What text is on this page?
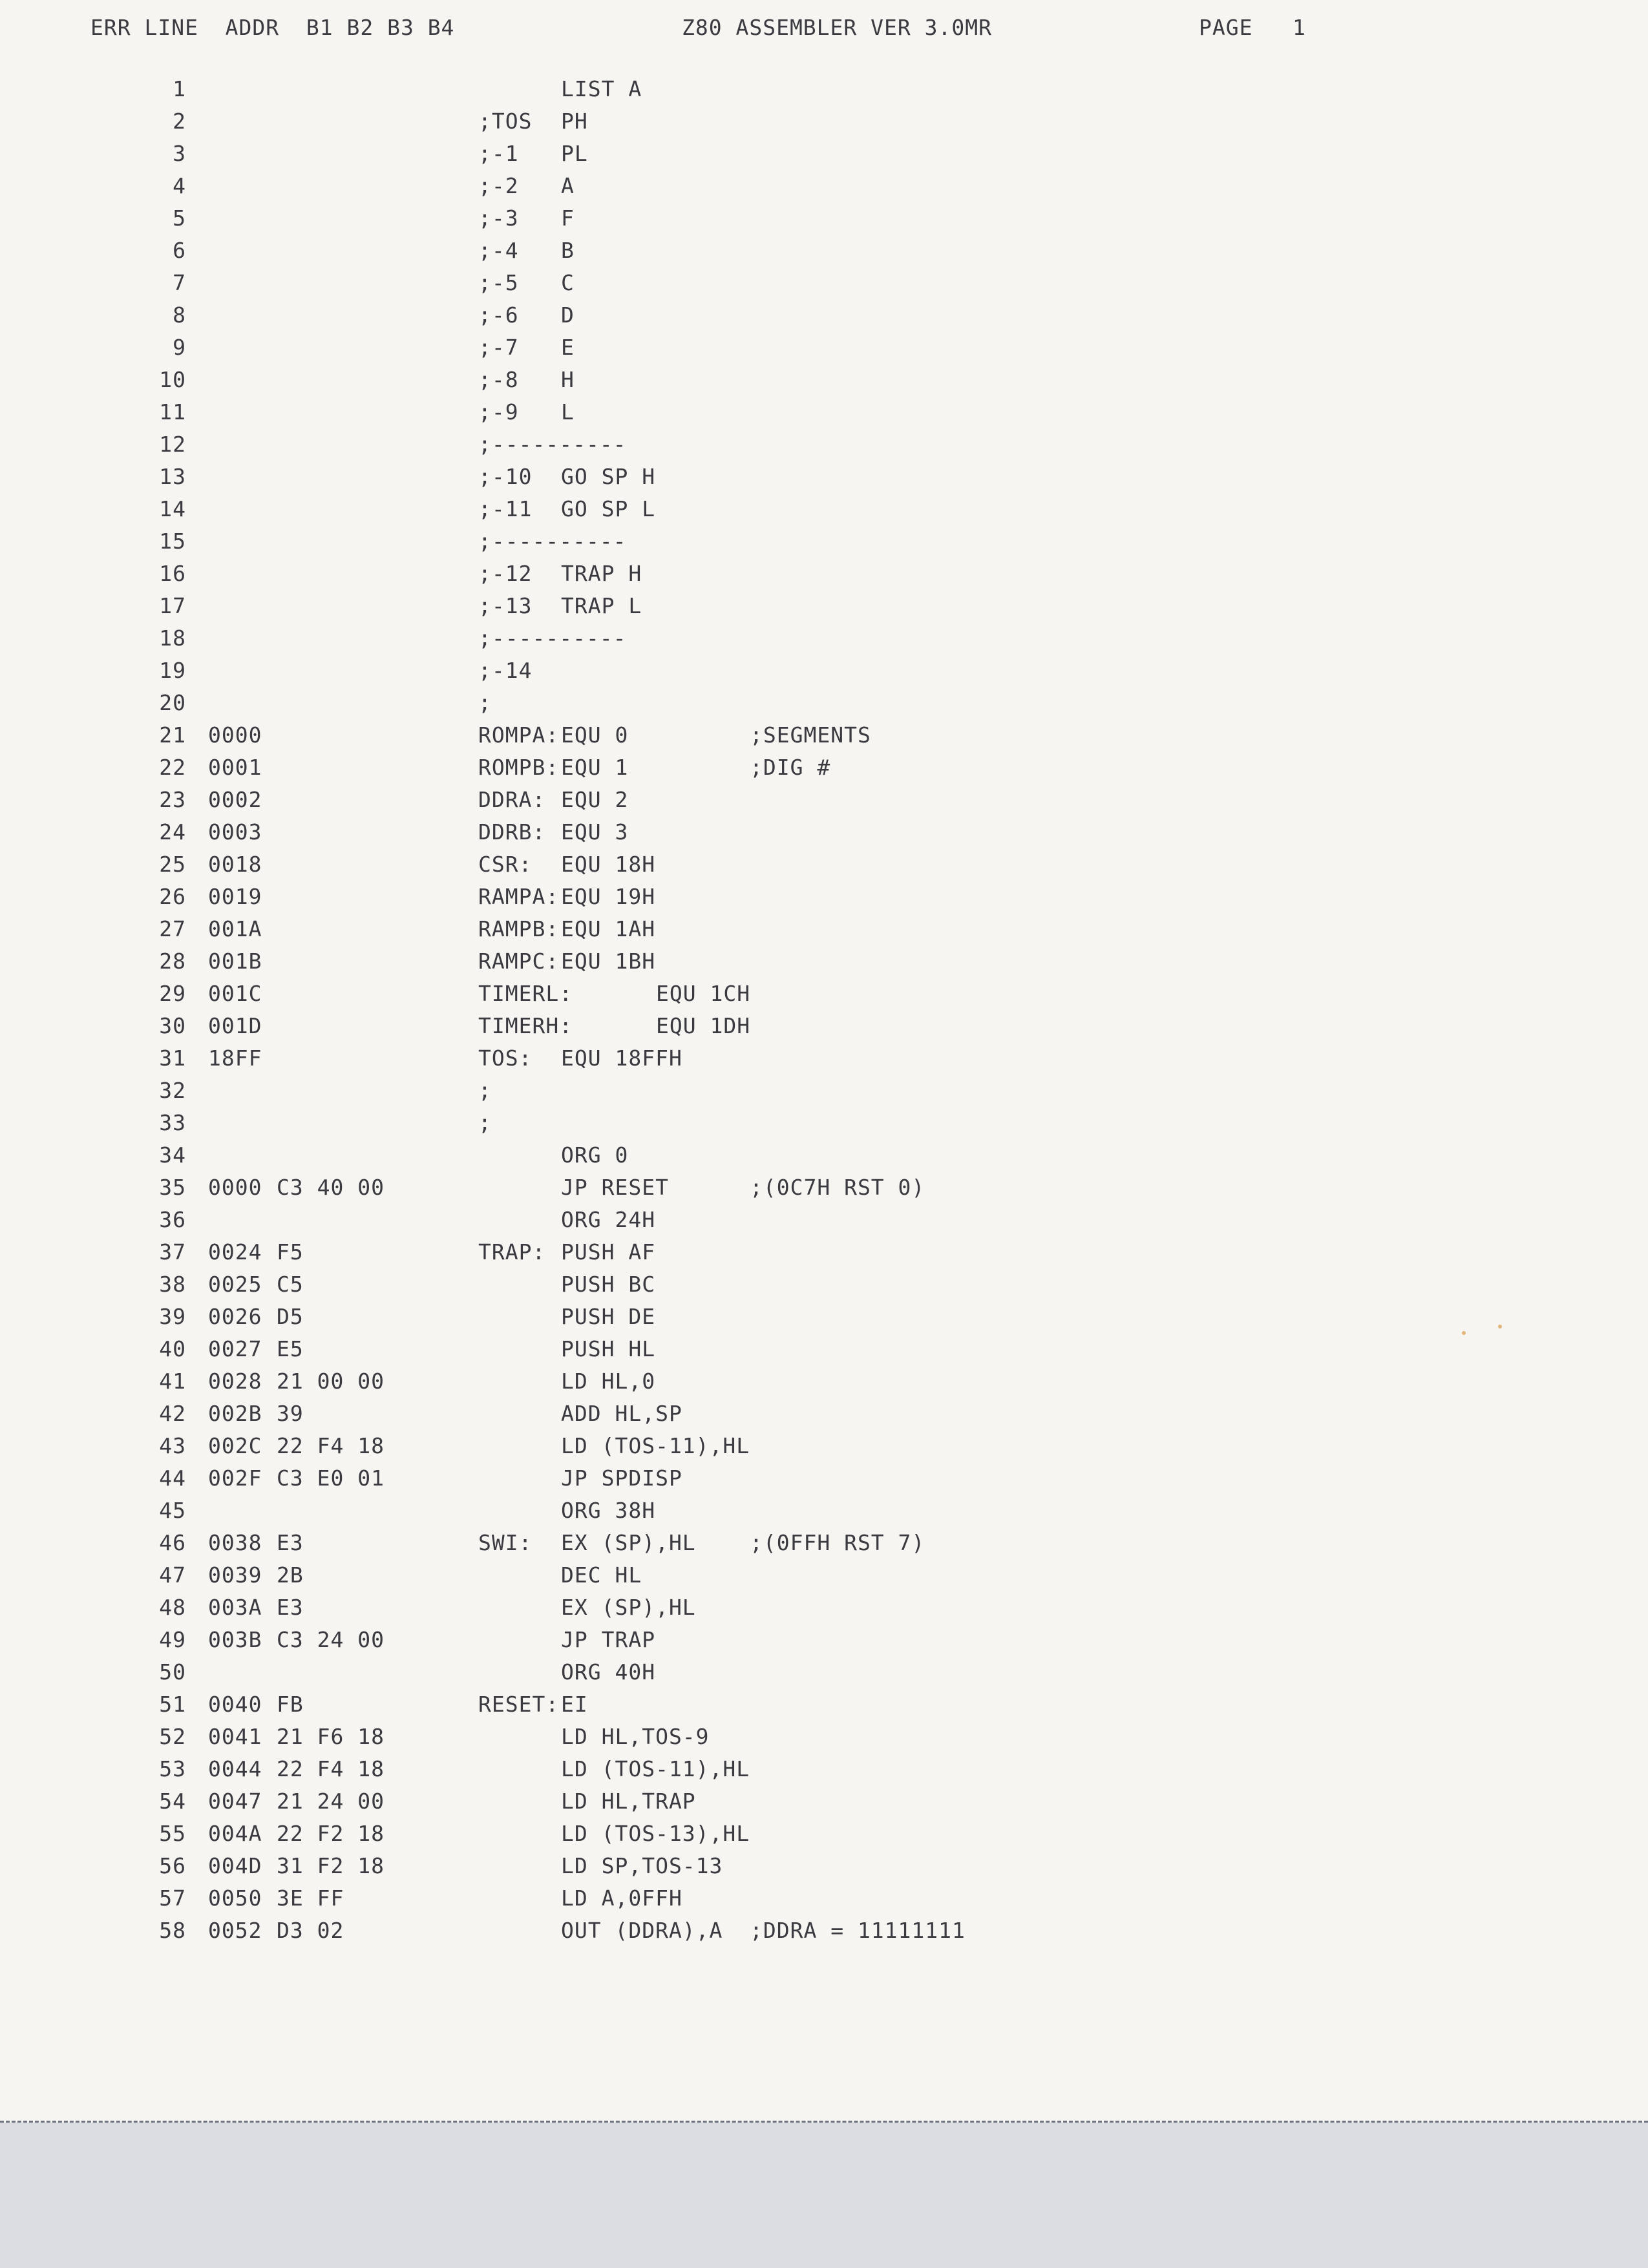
ERR LINE  ADDR  B1 B2 B3 B4	Z80 ASSEMBLER VER 3.0MR	PAGE 1
1	LIST A
2	;TOS PH
3	;-1 PL
4	;-2 A
5	;-3 F
6	;-4 B
7	;-5 C
8	;-6 D
9	;-7 E
10	;-8 H
11	;-9 L
12	;----------
13	;-10 GO SP H
14	;-11 GO SP L
15	;----------
16	;-12 TRAP H
17	;-13 TRAP L
18	;----------
19	;-14
20	;
21 0000	ROMPA: EQU 0	;SEGMENTS
22 0001	ROMPB: EQU 1	;DIG #
23 0002	DDRA: EQU 2
24 0003	DDRB: EQU 3
25 0018	CSR: EQU 18H
26 0019	RAMPA: EQU 19H
27 001A	RAMPB: EQU 1AH
28 001B	RAMPC: EQU 1BH
29 001C	TIMERL:	EQU 1CH
30 001D	TIMERH:	EQU 1DH
31 18FF	TOS: EQU 18FFH
32	;
33	;
34	ORG 0
35 0000 C3 40 00	JP RESET	;(0C7H RST 0)
36	ORG 24H
37 0024 F5	TRAP: PUSH AF
38 0025 C5	PUSH BC
39 0026 D5	PUSH DE
40 0027 E5	PUSH HL
41 0028 21 00 00	LD HL,0
42 002B 39	ADD HL,SP
43 002C 22 F4 18	LD (TOS-11),HL
44 002F C3 E0 01	JP SPDISP
45	ORG 38H
46 0038 E3	SWI: EX (SP),HL	;(0FFH RST 7)
47 0039 2B	DEC HL
48 003A E3	EX (SP),HL
49 003B C3 24 00	JP TRAP
50	ORG 40H
51 0040 FB	RESET: EI
52 0041 21 F6 18	LD HL,TOS-9
53 0044 22 F4 18	LD (TOS-11),HL
54 0047 21 24 00	LD HL,TRAP
55 004A 22 F2 18	LD (TOS-13),HL
56 004D 31 F2 18	LD SP,TOS-13
57 0050 3E FF	LD A,0FFH
58 0052 D3 02	OUT (DDRA),A ;DDRA = 11111111
